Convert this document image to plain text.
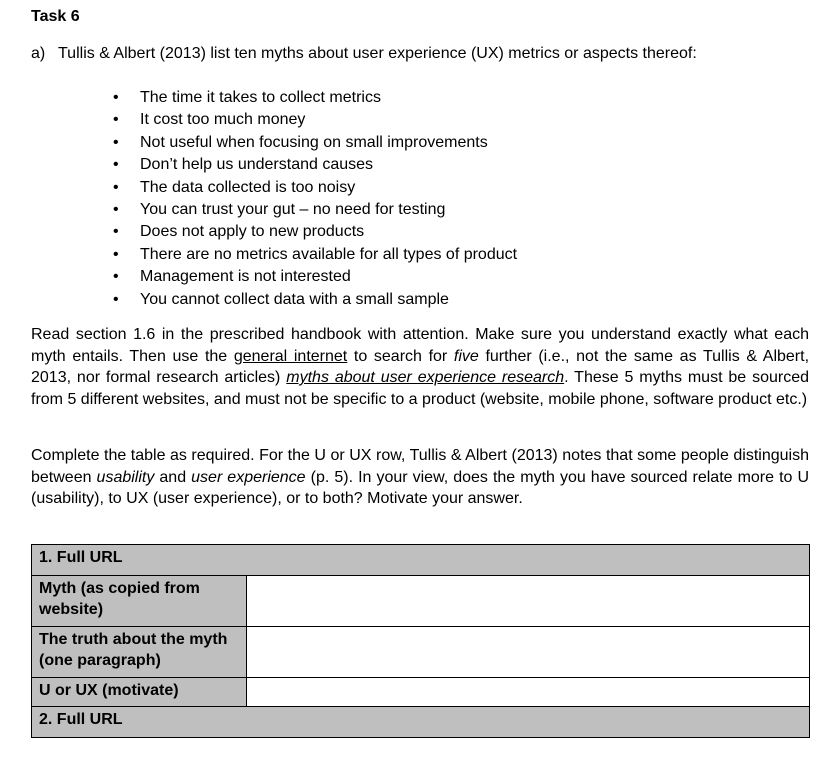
Task 6
a) Tullis & Albert (2013) list ten myths about user experience (UX) metrics or aspects thereof:
• The time it takes to collect metrics
• It cost too much money
• Not useful when focusing on small improvements
• Don’t help us understand causes
• The data collected is too noisy
• You can trust your gut – no need for testing
• Does not apply to new products
• There are no metrics available for all types of product
• Management is not interested
• You cannot collect data with a small sample

Read section 1.6 in the prescribed handbook with attention. Make sure you understand exactly what each myth entails. Then use the general internet to search for five further (i.e., not the same as Tullis & Albert, 2013, nor formal research articles) myths about user experience research. These 5 myths must be sourced from 5 different websites, and must not be specific to a product (website, mobile phone, software product etc.)

Complete the table as required. For the U or UX row, Tullis & Albert (2013) notes that some people distinguish between usability and user experience (p. 5). In your view, does the myth you have sourced relate more to U (usability), to UX (user experience), or to both? Motivate your answer.

1. Full URL	
Myth (as copied from website)	
The truth about the myth (one paragraph)	
U or UX (motivate)	
2. Full URL	
